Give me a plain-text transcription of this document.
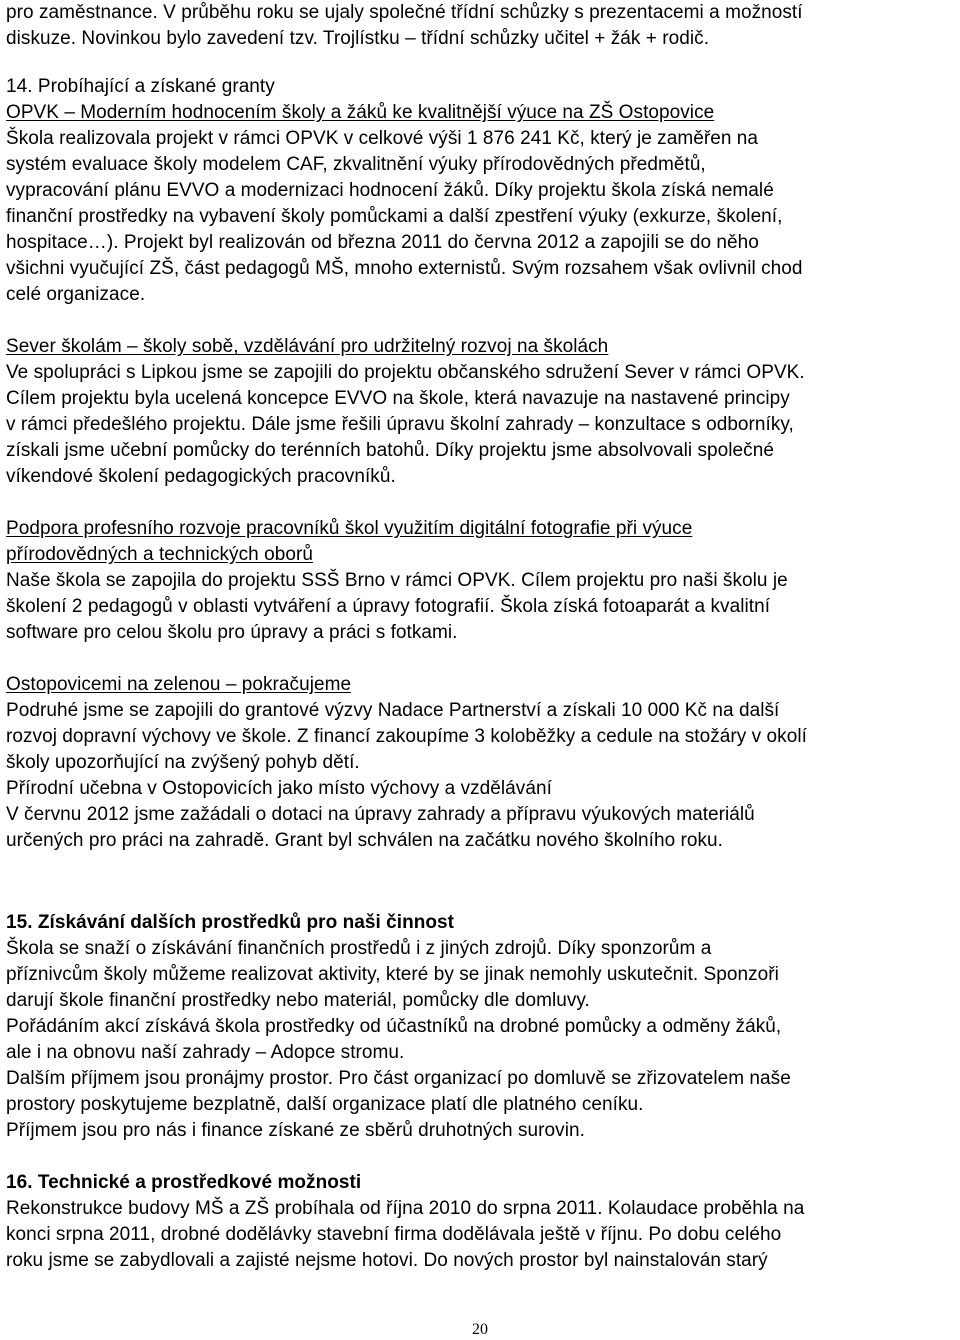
pro zaměstnance. V průběhu roku se ujaly společné třídní schůzky s prezentacemi a možností
diskuze. Novinkou bylo zavedení tzv. Trojlístku – třídní schůzky učitel + žák + rodič.
14. Probíhající a získané granty
OPVK – Moderním hodnocením školy a žáků ke kvalitnější výuce na ZŠ Ostopovice
Škola realizovala projekt v rámci OPVK v celkové výši 1 876 241 Kč, který je zaměřen na
systém evaluace školy modelem CAF, zkvalitnění výuky přírodovědných předmětů,
vypracování plánu EVVO a modernizaci hodnocení žáků. Díky projektu škola získá nemalé
finanční prostředky na vybavení školy pomůckami a další zpestření výuky (exkurze, školení,
hospitace…). Projekt byl realizován od března 2011 do června 2012 a zapojili se do něho
všichni vyučující ZŠ, část pedagogů MŠ, mnoho externistů. Svým rozsahem však ovlivnil chod
celé organizace.
Sever školám – školy sobě, vzdělávání pro udržitelný rozvoj na školách
Ve spolupráci s Lipkou jsme se zapojili do projektu občanského sdružení Sever v rámci OPVK.
Cílem projektu byla ucelená koncepce EVVO na škole, která navazuje na nastavené principy
v rámci předešlého projektu. Dále jsme řešili úpravu školní zahrady – konzultace s odborníky,
získali jsme učební pomůcky do terénních batohů. Díky projektu jsme absolvovali společné
víkendové školení pedagogických pracovníků.
Podpora profesního rozvoje pracovníků škol využitím digitální fotografie při výuce
přírodovědných a technických oborů
Naše škola se zapojila do projektu SSŠ Brno v rámci OPVK. Cílem projektu pro naši školu je
školení 2 pedagogů v oblasti vytváření a úpravy fotografií. Škola získá fotoaparát a kvalitní
software pro celou školu pro úpravy a práci s fotkami.
Ostopovicemi na zelenou – pokračujeme
Podruhé jsme se zapojili do grantové výzvy Nadace Partnerství a získali 10 000 Kč na další
rozvoj dopravní výchovy ve škole. Z financí zakoupíme 3 koloběžky a cedule na stožáry v okolí
školy upozorňující na zvýšený pohyb dětí.
Přírodní učebna v Ostopovicích jako místo výchovy a vzdělávání
V červnu 2012 jsme zažádali o dotaci na úpravy zahrady a přípravu výukových materiálů
určených pro práci na zahradě. Grant byl schválen na začátku nového školního roku.
15. Získávání dalších prostředků pro naši činnost
Škola se snaží o získávání finančních prostředů i z jiných zdrojů. Díky sponzorům a
příznivcům školy můžeme realizovat aktivity, které by se jinak nemohly uskutečnit. Sponzoři
darují škole finanční prostředky nebo materiál, pomůcky dle domluvy.
Pořádáním akcí získává škola prostředky od účastníků na drobné pomůcky a odměny žáků,
ale i na obnovu naší zahrady – Adopce stromu.
Dalším příjmem jsou pronájmy prostor. Pro část organizací po domluvě se zřizovatelem naše
prostory poskytujeme bezplatně, další organizace platí dle platného ceníku.
Příjmem jsou pro nás i finance získané ze sběrů druhotných surovin.
16. Technické a prostředkové možnosti
Rekonstrukce budovy MŠ a ZŠ probíhala od října 2010 do srpna 2011. Kolaudace proběhla na
konci srpna 2011, drobné dodělávky stavební firma dodělávala ještě v říjnu. Po dobu celého
roku jsme se zabydlovali a zajisté nejsme hotovi. Do nových prostor byl nainstalován starý
20
